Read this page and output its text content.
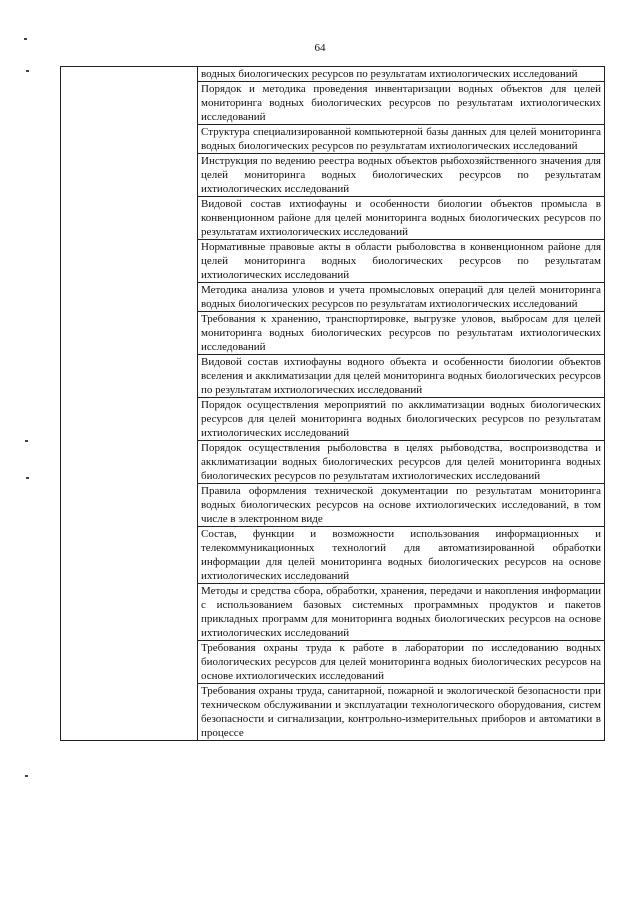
64

водных биологических ресурсов по результатам ихтиологических исследований

Порядок и методика проведения инвентаризации водных объектов для целей мониторинга водных биологических ресурсов по результатам ихтиологических исследований

Структура специализированной компьютерной базы данных для целей мониторинга водных биологических ресурсов по результатам ихтиологических исследований

Инструкция по ведению реестра водных объектов рыбохозяйственного значения для целей мониторинга водных биологических ресурсов по результатам ихтиологических исследований

Видовой состав ихтиофауны и особенности биологии объектов промысла в конвенционном районе для целей мониторинга водных биологических ресурсов по результатам ихтиологических исследований

Нормативные правовые акты в области рыболовства в конвенционном районе для целей мониторинга водных биологических ресурсов по результатам ихтиологических исследований

Методика анализа уловов и учета промысловых операций для целей мониторинга водных биологических ресурсов по результатам ихтиологических исследований

Требования к хранению, транспортировке, выгрузке уловов, выбросам для целей мониторинга водных биологических ресурсов по результатам ихтиологических исследований

Видовой состав ихтиофауны водного объекта и особенности биологии объектов вселения и акклиматизации для целей мониторинга водных биологических ресурсов по результатам ихтиологических исследований

Порядок осуществления мероприятий по акклиматизации водных биологических ресурсов для целей мониторинга водных биологических ресурсов по результатам ихтиологических исследований

Порядок осуществления рыболовства в целях рыбоводства, воспроизводства и акклиматизации водных биологических ресурсов для целей мониторинга водных биологических ресурсов по результатам ихтиологических исследований

Правила оформления технической документации по результатам мониторинга водных биологических ресурсов на основе ихтиологических исследований, в том числе в электронном виде

Состав, функции и возможности использования информационных и телекоммуникационных технологий для автоматизированной обработки информации для целей мониторинга водных биологических ресурсов на основе ихтиологических исследований

Методы и средства сбора, обработки, хранения, передачи и накопления информации с использованием базовых системных программных продуктов и пакетов прикладных программ для мониторинга водных биологических ресурсов на основе ихтиологических исследований

Требования охраны труда к работе в лаборатории по исследованию водных биологических ресурсов для целей мониторинга водных биологических ресурсов на основе ихтиологических исследований

Требования охраны труда, санитарной, пожарной и экологической безопасности при техническом обслуживании и эксплуатации технологического оборудования, систем безопасности и сигнализации, контрольно-измерительных приборов и автоматики в процессе
